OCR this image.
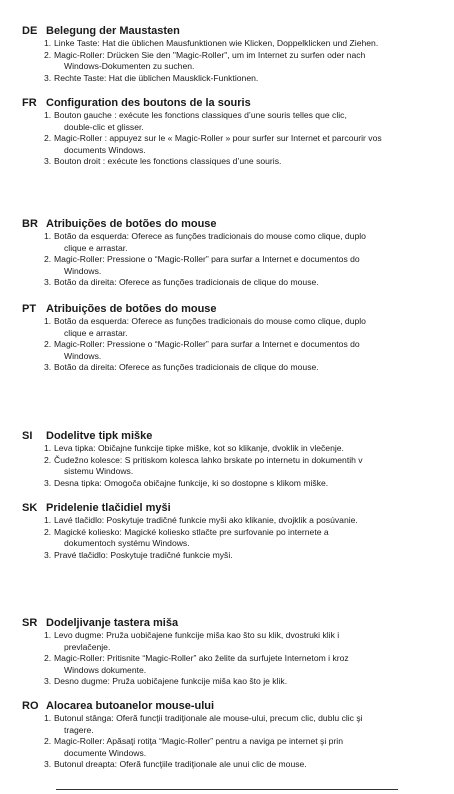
DE Belegung der Maustasten
1. Linke Taste: Hat die üblichen Mausfunktionen wie Klicken, Doppelklicken und Ziehen.
2. Magic-Roller: Drücken Sie den "Magic-Roller", um im Internet zu surfen oder nach
Windows-Dokumenten zu suchen.
3. Rechte Taste: Hat die üblichen Mausklick-Funktionen.
FR Configuration des boutons de la souris
1. Bouton gauche : exécute les fonctions classiques d’une souris telles que clic,
double-clic et glisser.
2. Magic-Roller : appuyez sur le « Magic-Roller » pour surfer sur Internet et parcourir vos
documents Windows.
3. Bouton droit : exécute les fonctions classiques d’une souris.
BR Atribuições de botões do mouse
1. Botão da esquerda: Oferece as funções tradicionais do mouse como clique, duplo
clique e arrastar.
2. Magic-Roller: Pressione o “Magic-Roller” para surfar a Internet e documentos do
Windows.
3. Botão da direita: Oferece as funções tradicionais de clique do mouse.
PT Atribuições de botões do mouse
1. Botão da esquerda: Oferece as funções tradicionais do mouse como clique, duplo
clique e arrastar.
2. Magic-Roller: Pressione o “Magic-Roller” para surfar a Internet e documentos do
Windows.
3. Botão da direita: Oferece as funções tradicionais de clique do mouse.
SI Dodelitve tipk miške
1. Leva tipka: Običajne funkcije tipke miške, kot so klikanje, dvoklik in vlečenje.
2. Čudežno kolesce: S pritiskom kolesca lahko brskate po internetu in dokumentih v
sistemu Windows.
3. Desna tipka: Omogoča običajne funkcije, ki so dostopne s klikom miške.
SK Pridelenie tlačidiel myši
1. Lavé tlačidlo: Poskytuje tradičné funkcie myši ako klikanie, dvojklik a posúvanie.
2. Magické koliesko: Magické koliesko stlačte pre surfovanie po internete a
dokumentoch systému Windows.
3. Pravé tlačidlo: Poskytuje tradičné funkcie myši.
SR Dodeljivanje tastera miša
1. Levo dugme: Pruža uobičajene funkcije miša kao što su klik, dvostruki klik i
prevlačenje.
2. Magic-Roller: Pritisnite “Magic-Roller” ako želite da surfujete Internetom i kroz
Windows dokumente.
3. Desno dugme: Pruža uobičajene funkcije miša kao što je klik.
RO Alocarea butoanelor mouse-ului
1. Butonul stânga: Oferă funcţii tradiţionale ale mouse-ului, precum clic, dublu clic şi
tragere.
2. Magic-Roller: Apăsaţi rotiţa “Magic-Roller” pentru a naviga pe internet şi prin
documente Windows.
3. Butonul dreapta: Oferă funcţiile tradiţionale ale unui clic de mouse.
